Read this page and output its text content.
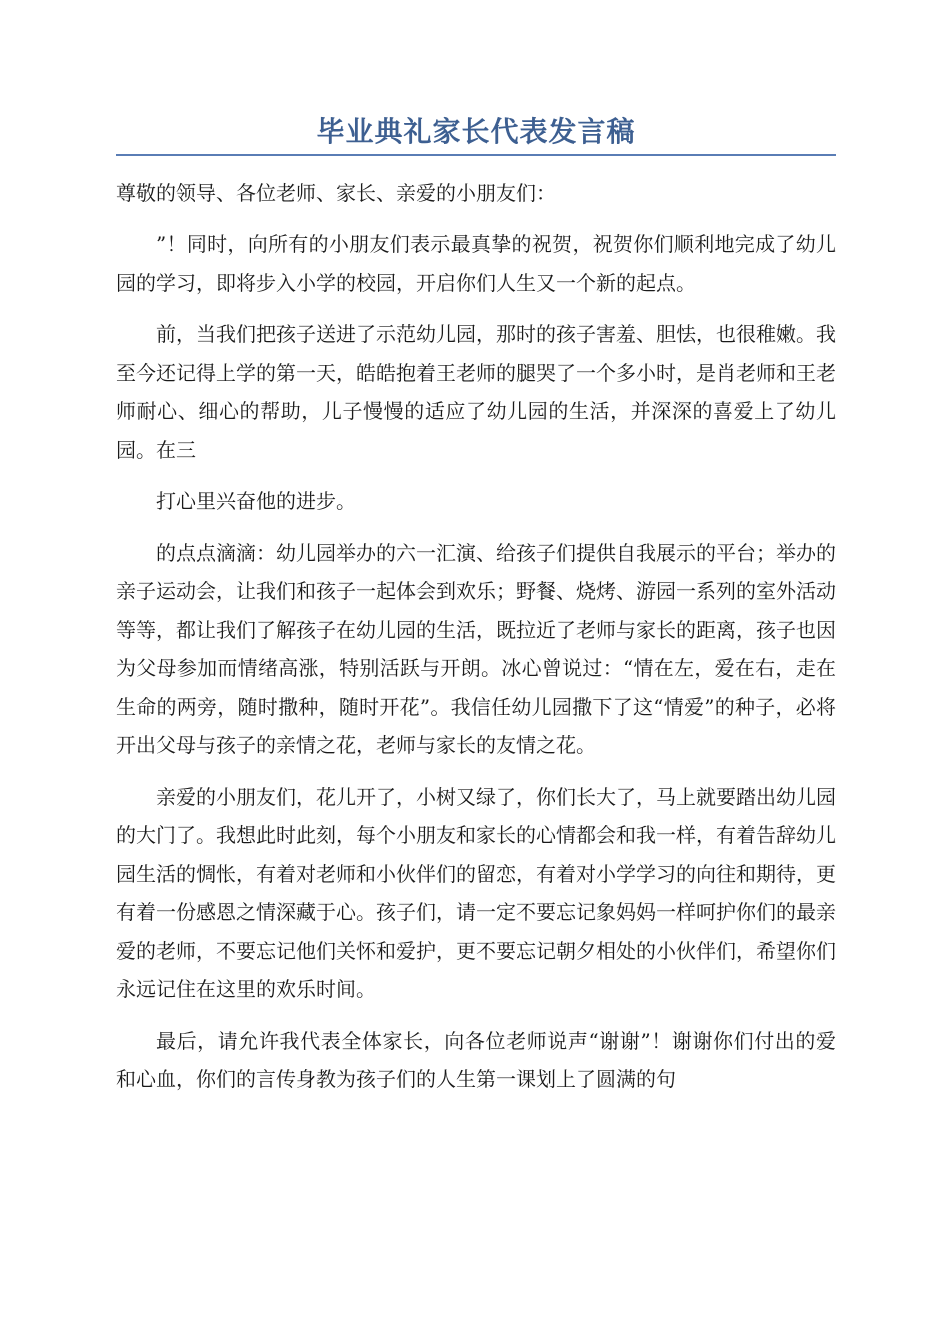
毕业典礼家长代表发言稿

尊敬的领导、各位老师、家长、亲爱的小朋友们：

”！同时，向所有的小朋友们表示最真挚的祝贺，祝贺你们顺利地完成了幼儿园的学习，即将步入小学的校园，开启你们人生又一个新的起点。

前，当我们把孩子送进了示范幼儿园，那时的孩子害羞、胆怯，也很稚嫩。我至今还记得上学的第一天，皓皓抱着王老师的腿哭了一个多小时，是肖老师和王老师耐心、细心的帮助，儿子慢慢的适应了幼儿园的生活，并深深的喜爱上了幼儿园。在三

打心里兴奋他的进步。

的点点滴滴：幼儿园举办的六一汇演、给孩子们提供自我展示的平台；举办的亲子运动会，让我们和孩子一起体会到欢乐；野餐、烧烤、游园一系列的室外活动等等，都让我们了解孩子在幼儿园的生活，既拉近了老师与家长的距离，孩子也因为父母参加而情绪高涨，特别活跃与开朗。冰心曾说过：“情在左，爱在右，走在生命的两旁，随时撒种，随时开花”。我信任幼儿园撒下了这“情爱”的种子，必将开出父母与孩子的亲情之花，老师与家长的友情之花。

亲爱的小朋友们，花儿开了，小树又绿了，你们长大了，马上就要踏出幼儿园的大门了。我想此时此刻，每个小朋友和家长的心情都会和我一样，有着告辞幼儿园生活的惆怅，有着对老师和小伙伴们的留恋，有着对小学学习的向往和期待，更有着一份感恩之情深藏于心。孩子们，请一定不要忘记象妈妈一样呵护你们的最亲爱的老师，不要忘记他们关怀和爱护，更不要忘记朝夕相处的小伙伴们，希望你们永远记住在这里的欢乐时间。

最后，请允许我代表全体家长，向各位老师说声“谢谢”！谢谢你们付出的爱和心血，你们的言传身教为孩子们的人生第一课划上了圆满的句
